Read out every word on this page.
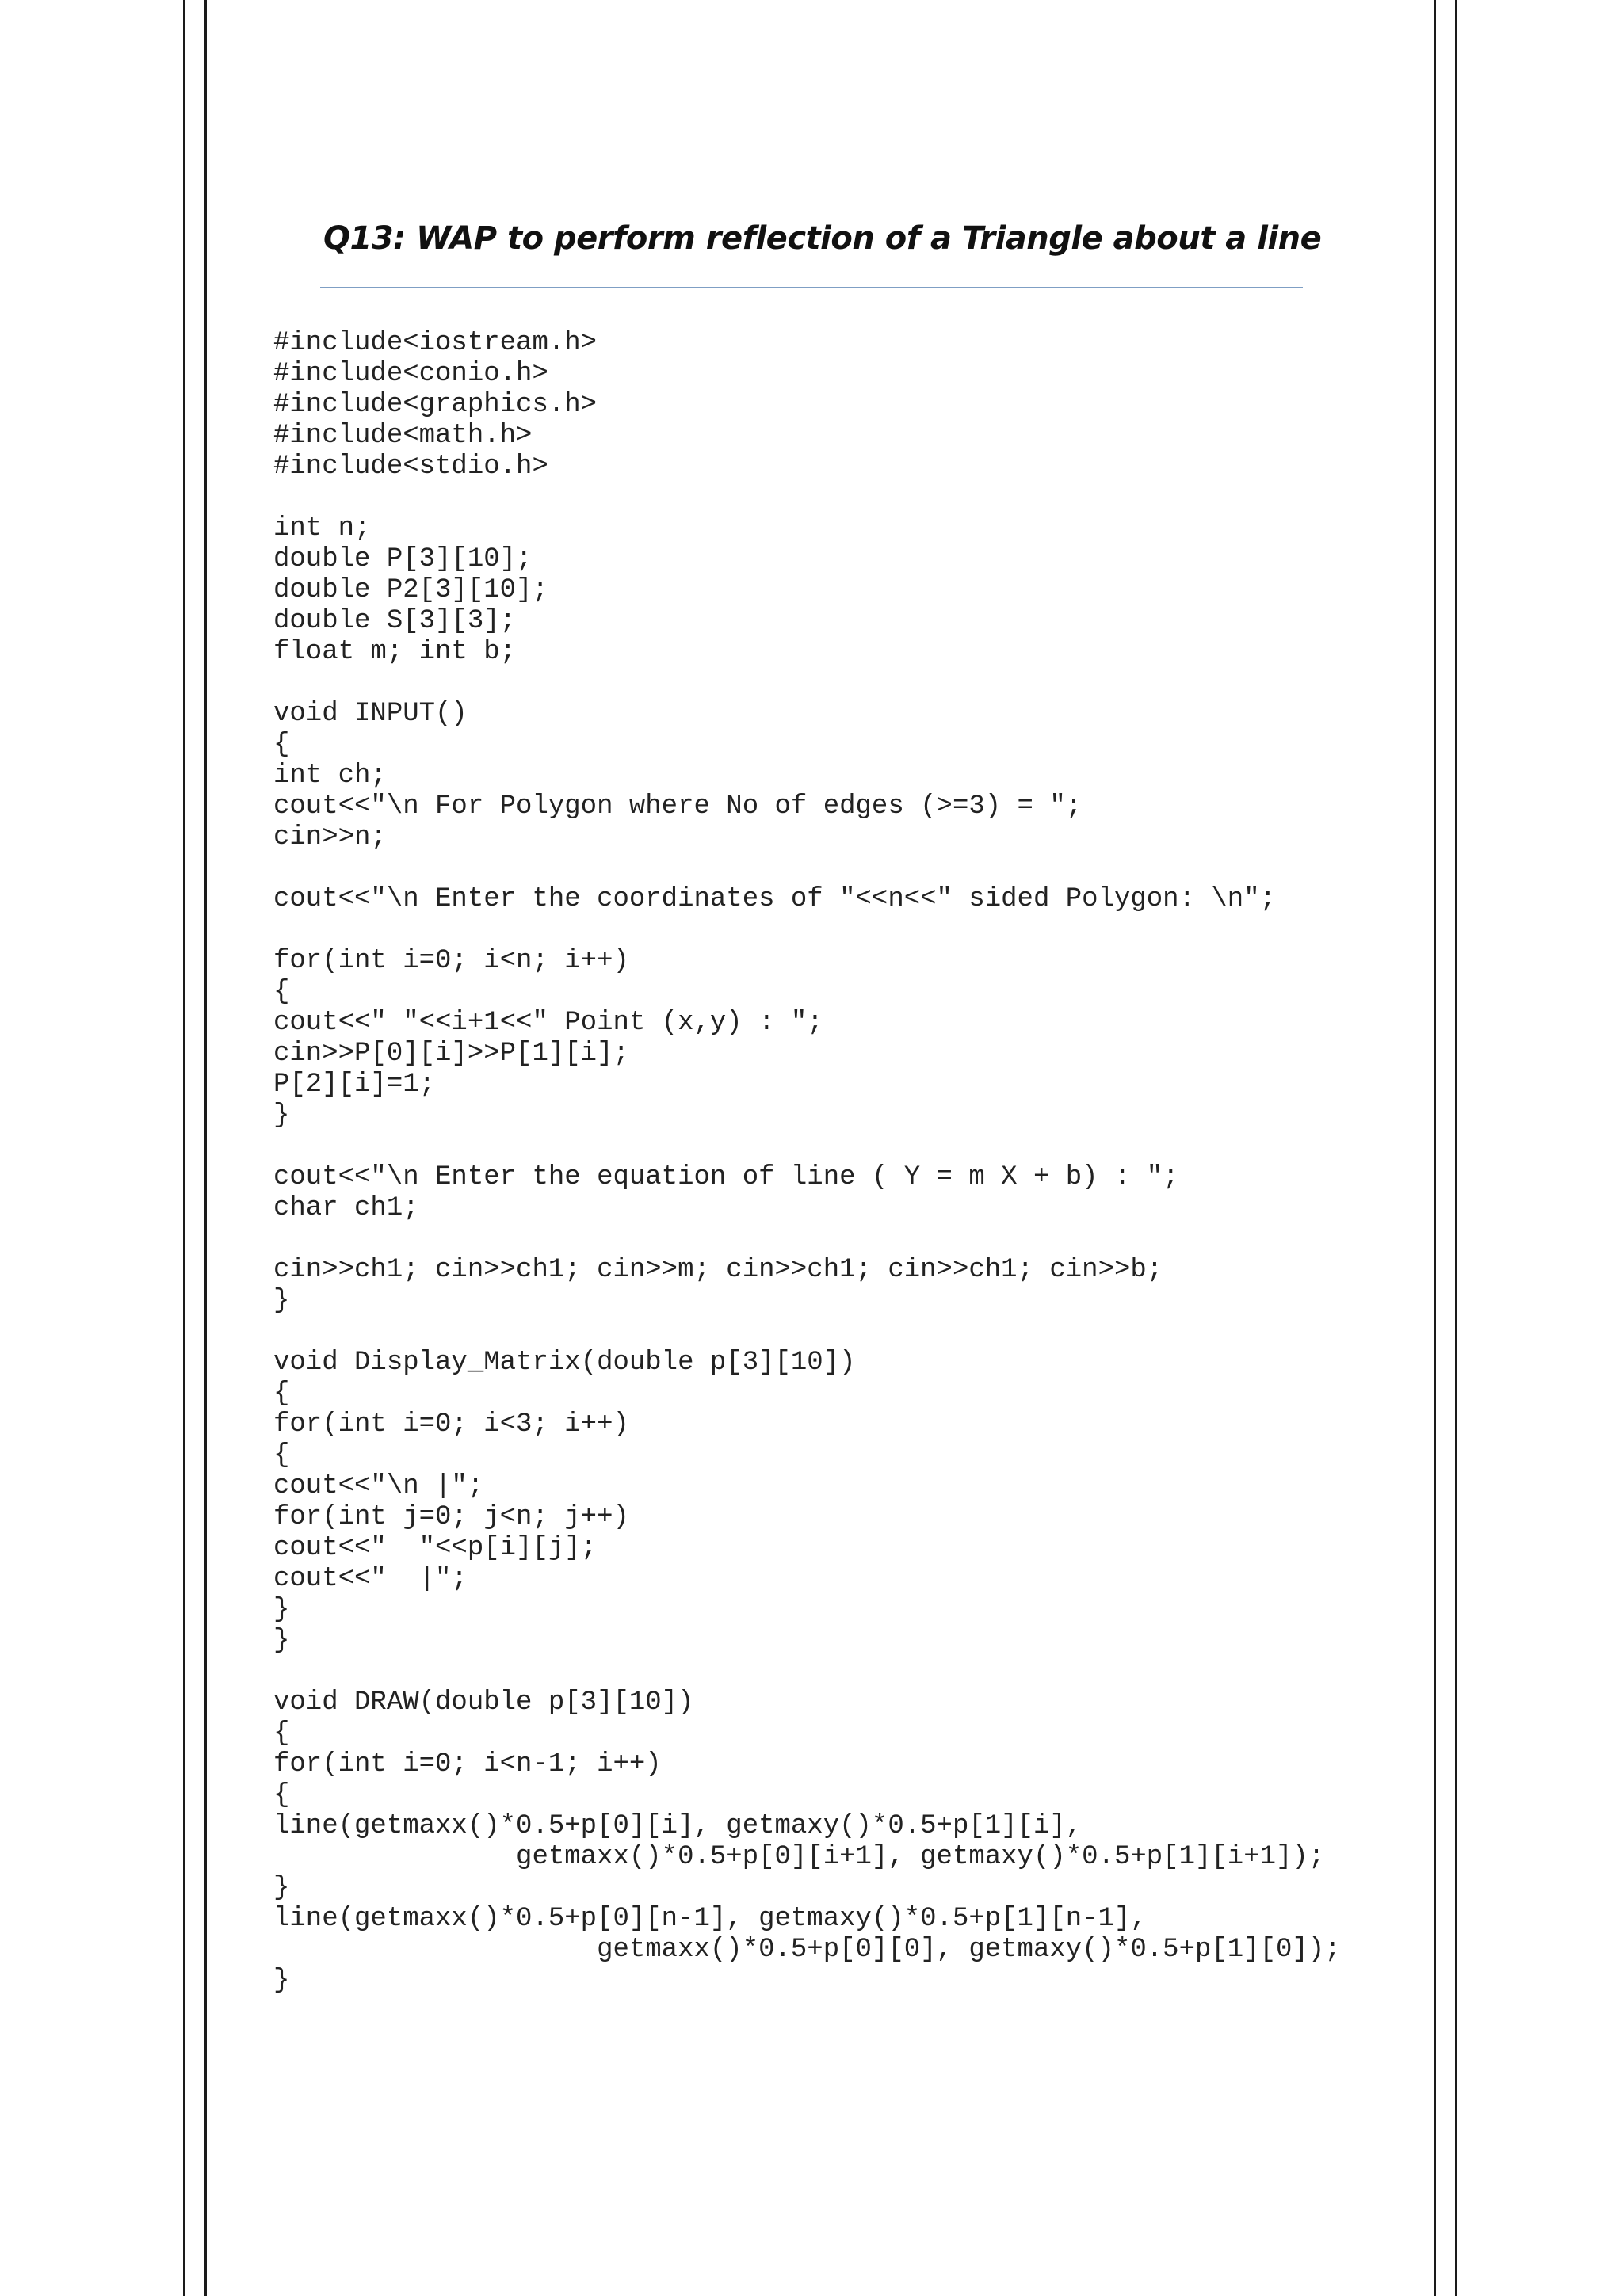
Q13: WAP to perform reflection of a Triangle about a line
#include<iostream.h>
#include<conio.h>
#include<graphics.h>
#include<math.h>
#include<stdio.h>

int n;
double P[3][10];
double P2[3][10];
double S[3][3];
float m; int b;

void INPUT()
{
int ch;
cout<<"\n For Polygon where No of edges (>=3) = ";
cin>>n;

cout<<"\n Enter the coordinates of "<<n<<" sided Polygon: \n";

for(int i=0; i<n; i++)
{
cout<<" "<<i+1<<" Point (x,y) : ";
cin>>P[0][i]>>P[1][i];
P[2][i]=1;
}

cout<<"\n Enter the equation of line ( Y = m X + b) : ";
char ch1;

cin>>ch1; cin>>ch1; cin>>m; cin>>ch1; cin>>ch1; cin>>b;
}

void Display_Matrix(double p[3][10])
{
for(int i=0; i<3; i++)
{
cout<<"\n |";
for(int j=0; j<n; j++)
cout<<"  "<<p[i][j];
cout<<"  |";
}
}

void DRAW(double p[3][10])
{
for(int i=0; i<n-1; i++)
{
line(getmaxx()*0.5+p[0][i], getmaxy()*0.5+p[1][i],
getmaxx()*0.5+p[0][i+1], getmaxy()*0.5+p[1][i+1]);
}
line(getmaxx()*0.5+p[0][n-1], getmaxy()*0.5+p[1][n-1],
getmaxx()*0.5+p[0][0], getmaxy()*0.5+p[1][0]);
}
